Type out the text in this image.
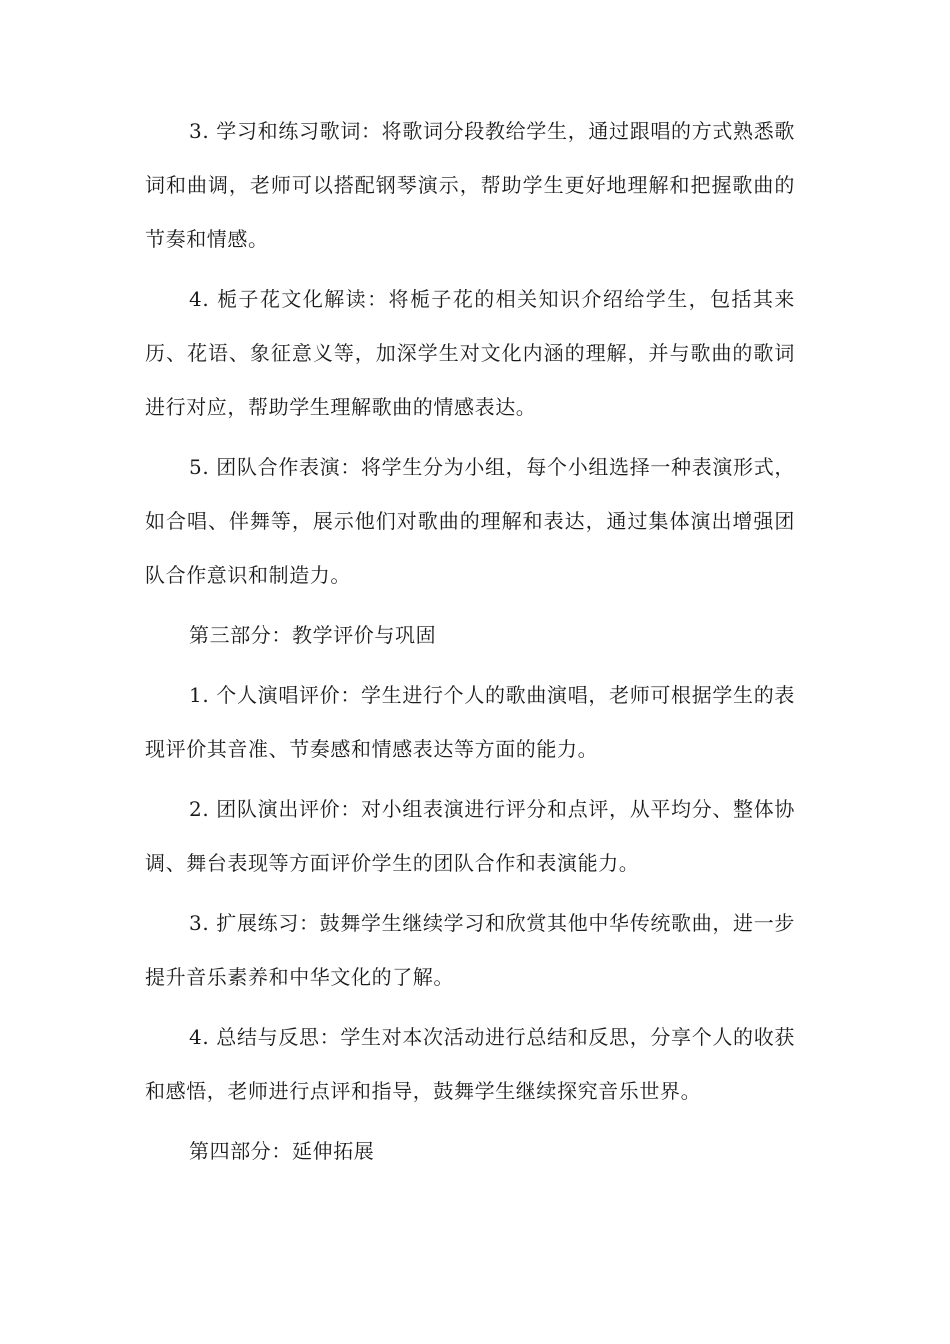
3. 学习和练习歌词：将歌词分段教给学生，通过跟唱的方式熟悉歌词和曲调，老师可以搭配钢琴演示，帮助学生更好地理解和把握歌曲的节奏和情感。

4. 栀子花文化解读：将栀子花的相关知识介绍给学生，包括其来历、花语、象征意义等，加深学生对文化内涵的理解，并与歌曲的歌词进行对应，帮助学生理解歌曲的情感表达。

5. 团队合作表演：将学生分为小组，每个小组选择一种表演形式，如合唱、伴舞等，展示他们对歌曲的理解和表达，通过集体演出增强团队合作意识和制造力。

第三部分：教学评价与巩固

1. 个人演唱评价：学生进行个人的歌曲演唱，老师可根据学生的表现评价其音准、节奏感和情感表达等方面的能力。

2. 团队演出评价：对小组表演进行评分和点评，从平均分、整体协调、舞台表现等方面评价学生的团队合作和表演能力。

3. 扩展练习：鼓舞学生继续学习和欣赏其他中华传统歌曲，进一步提升音乐素养和中华文化的了解。

4. 总结与反思：学生对本次活动进行总结和反思，分享个人的收获和感悟，老师进行点评和指导，鼓舞学生继续探究音乐世界。

第四部分：延伸拓展
